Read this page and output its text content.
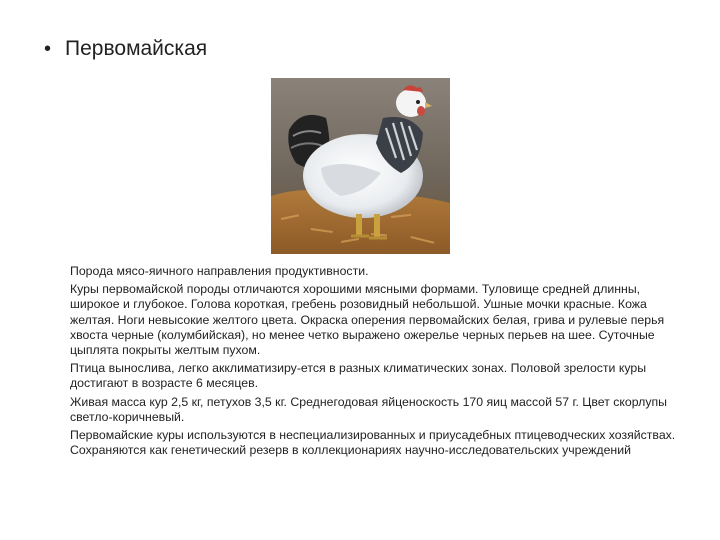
• Первомайская

Порода мясо-яичного направления продуктивности.

Куры первомайской породы отличаются хорошими мясными формами. Туловище средней длинны, широкое и глубокое. Голова короткая, гребень розовидный небольшой. Ушные мочки красные. Кожа желтая. Ноги невысокие желтого цвета. Окраска оперения первомайских белая, грива и рулевые перья хвоста черные (колумбийская), но менее четко выражено ожерелье черных перьев на шее. Суточные цыплята покрыты желтым пухом.

Птица вынослива, легко акклиматизиру-ется в разных климатических зонах. Половой зрелости куры достигают в возрасте 6 месяцев.

Живая масса кур 2,5 кг, петухов 3,5 кг. Среднегодовая яйценоскость 170 яиц массой 57 г. Цвет скорлупы светло-коричневый.

Первомайские куры используются в неспециализированных и приусадебных птицеводческих хозяйствах. Сохраняются как генетический резерв в коллекционариях научно-исследовательских учреждений
